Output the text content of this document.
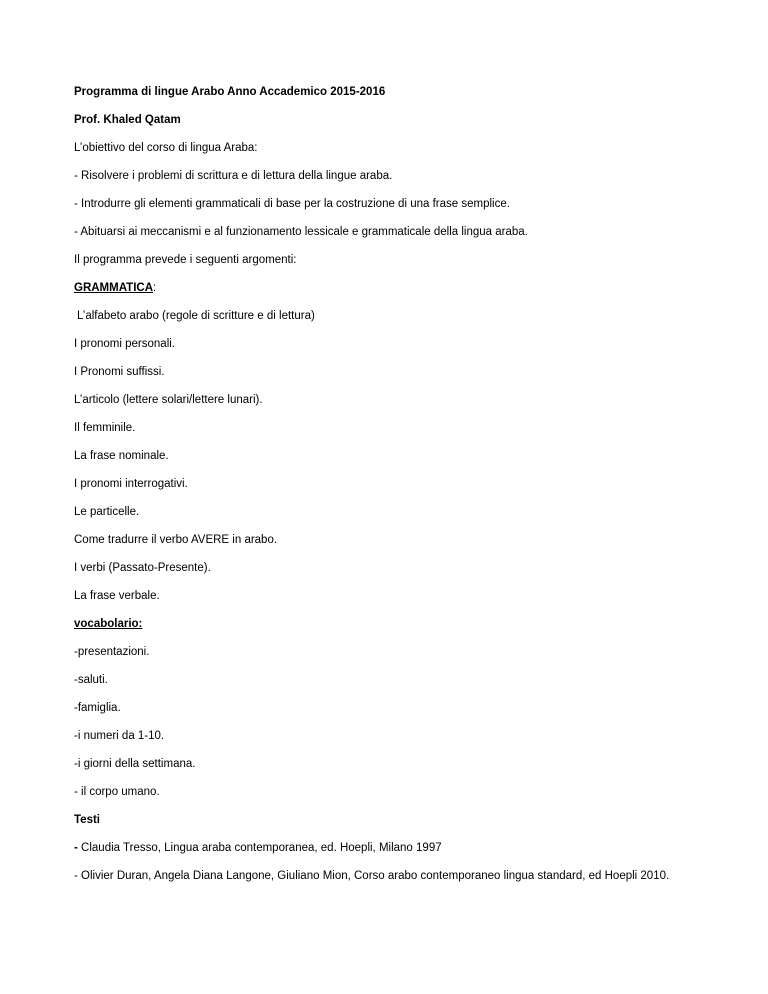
Programma di lingue Arabo Anno Accademico 2015-2016

Prof. Khaled Qatam

L’obiettivo del corso di lingua Araba:

- Risolvere i problemi di scrittura e di lettura della lingue araba.

- Introdurre gli elementi grammaticali di base per la costruzione di una frase semplice.

- Abituarsi ai meccanismi e al funzionamento lessicale e grammaticale della lingua araba.

Il programma prevede i seguenti argomenti:

GRAMMATICA:

L’alfabeto arabo (regole di scritture e di lettura)

I pronomi personali.

I Pronomi suffissi.

L’articolo (lettere solari/lettere lunari).

Il femminile.

La frase nominale.

I pronomi interrogativi.

Le particelle.

Come tradurre il verbo AVERE in arabo.

I verbi (Passato-Presente).

La frase verbale.

vocabolario:

-presentazioni.

-saluti.

-famiglia.

-i numeri da 1-10.

-i giorni della settimana.

- il corpo umano.

Testi

- Claudia Tresso, Lingua araba contemporanea, ed. Hoepli, Milano 1997

- Olivier Duran, Angela Diana Langone, Giuliano Mion, Corso arabo contemporaneo lingua standard, ed Hoepli 2010.
